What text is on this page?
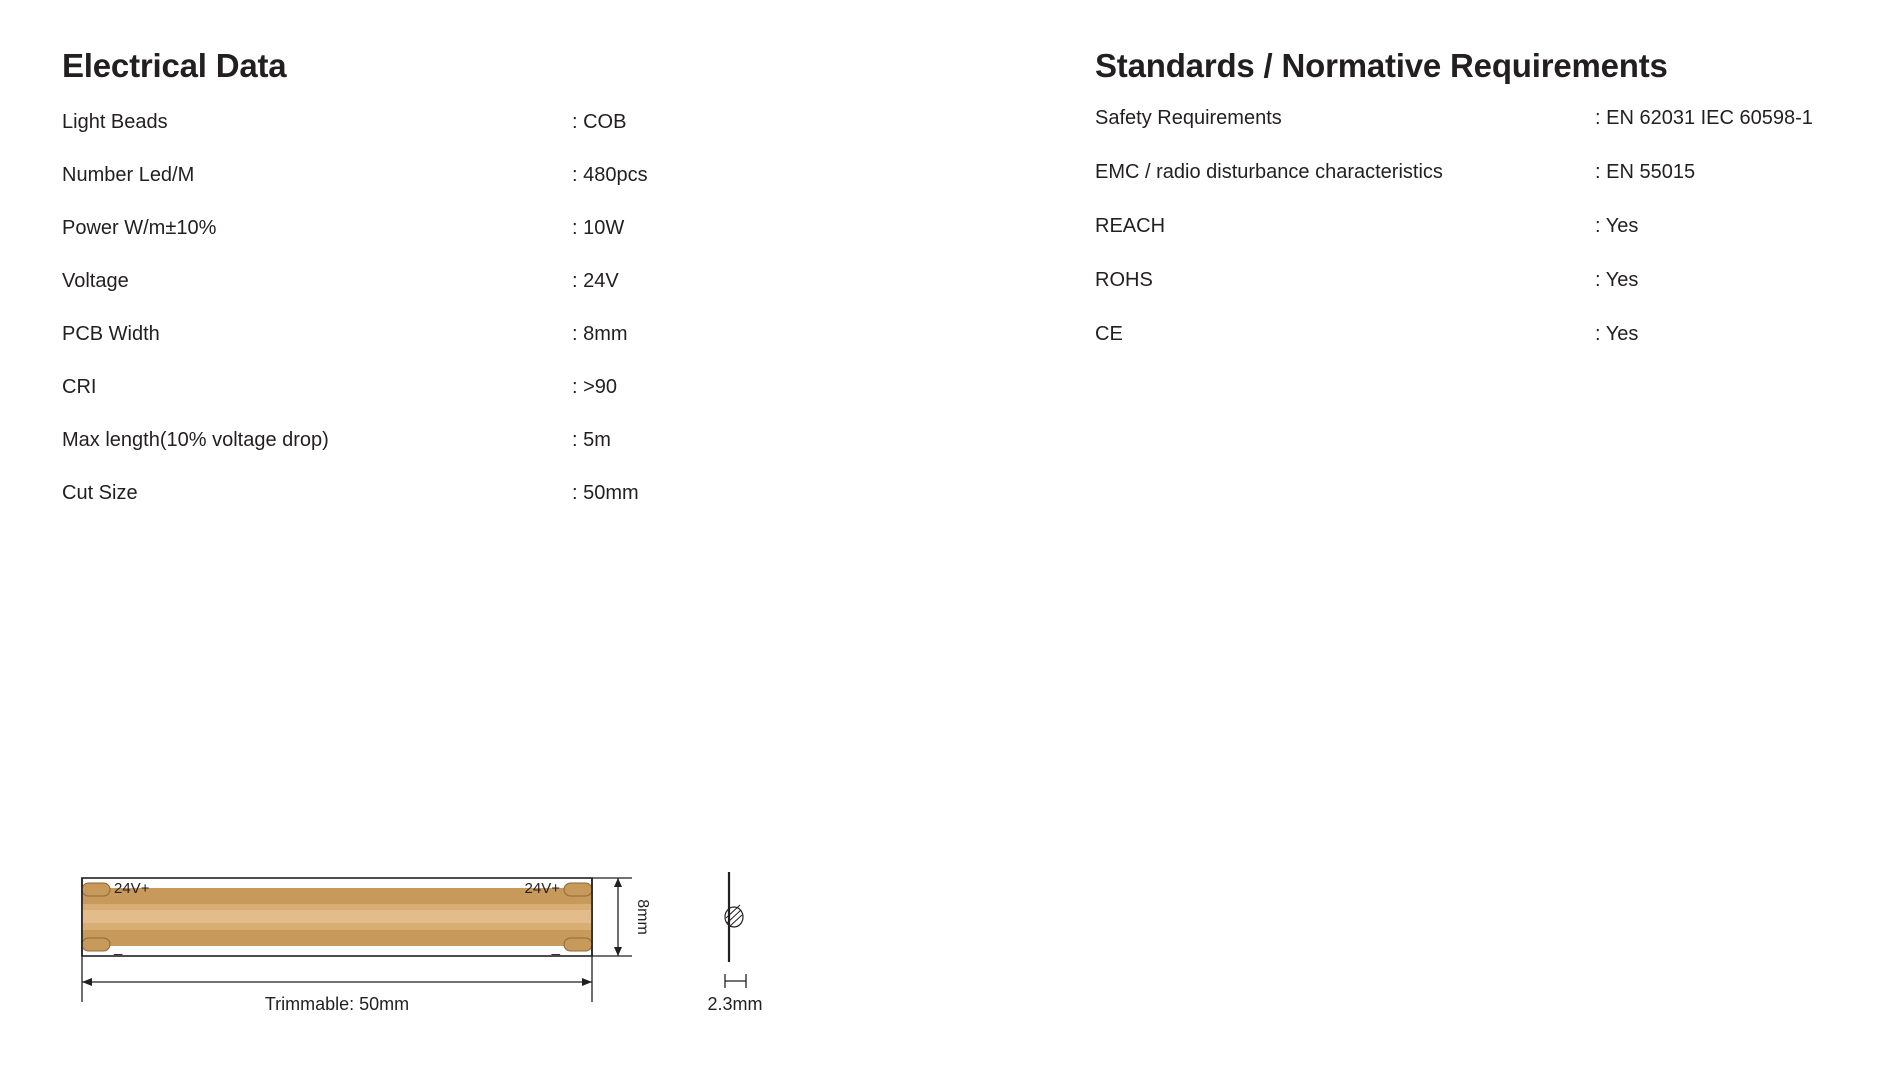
Electrical Data
Light Beads	: COB
Number Led/M	: 480pcs
Power W/m±10%	: 10W
Voltage	: 24V
PCB Width	: 8mm
CRI	: >90
Max length(10% voltage drop)	: 5m
Cut Size	: 50mm
Standards / Normative Requirements
Safety Requirements	: EN 62031 IEC 60598-1
EMC / radio disturbance characteristics	: EN 55015
REACH	: Yes
ROHS	: Yes
CE	: Yes
24V+	24V+
_	_
8mm
Trimmable: 50mm	2.3mm
